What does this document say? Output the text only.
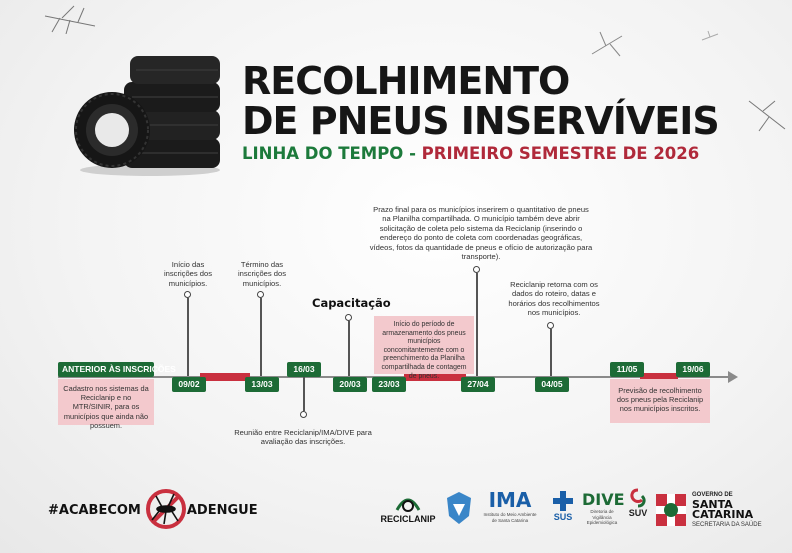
RECOLHIMENTO
DE PNEUS INSERVÍVEIS
LINHA DO TEMPO - PRIMEIRO SEMESTRE DE 2026
ANTERIOR ÀS INSCRIÇÕES
Cadastro nos sistemas da Reciclanip e no MTR/SINIR, para os municípios que ainda não possuem.
Início das inscrições dos municípios.
09/02
Término das inscrições dos municípios.
13/03
16/03
Reunião entre Reciclanip/IMA/DIVE para avaliação das inscrições.
Capacitação
20/03
Início do período de armazenamento dos pneus municípios concomitantemente com o preenchimento da Planilha compartilhada de contagem de pneus.
23/03
Prazo final para os municípios inserirem o quantitativo de pneus na Planilha compartilhada. O município também deve abrir solicitação de coleta pelo sistema da Reciclanip (inserindo o endereço do ponto de coleta com coordenadas geográficas, vídeos, fotos da quantidade de pneus e ofício de autorização para transporte).
27/04
Reciclanip retorna com os dados do roteiro, datas e horários dos recolhimentos nos municípios.
04/05
11/05	19/06
Previsão de recolhimento dos pneus pela Reciclanip nos municípios inscritos.
#ACABECOM	ADENGUE
RECICLANIP
IMA
Instituto do Meio Ambiente de Santa Catarina	SUS
DIVE
Diretoria de Vigilância Epidemiológica
SUV
GOVERNO DE
SANTA
CATARINA
SECRETARIA DA SAÚDE
